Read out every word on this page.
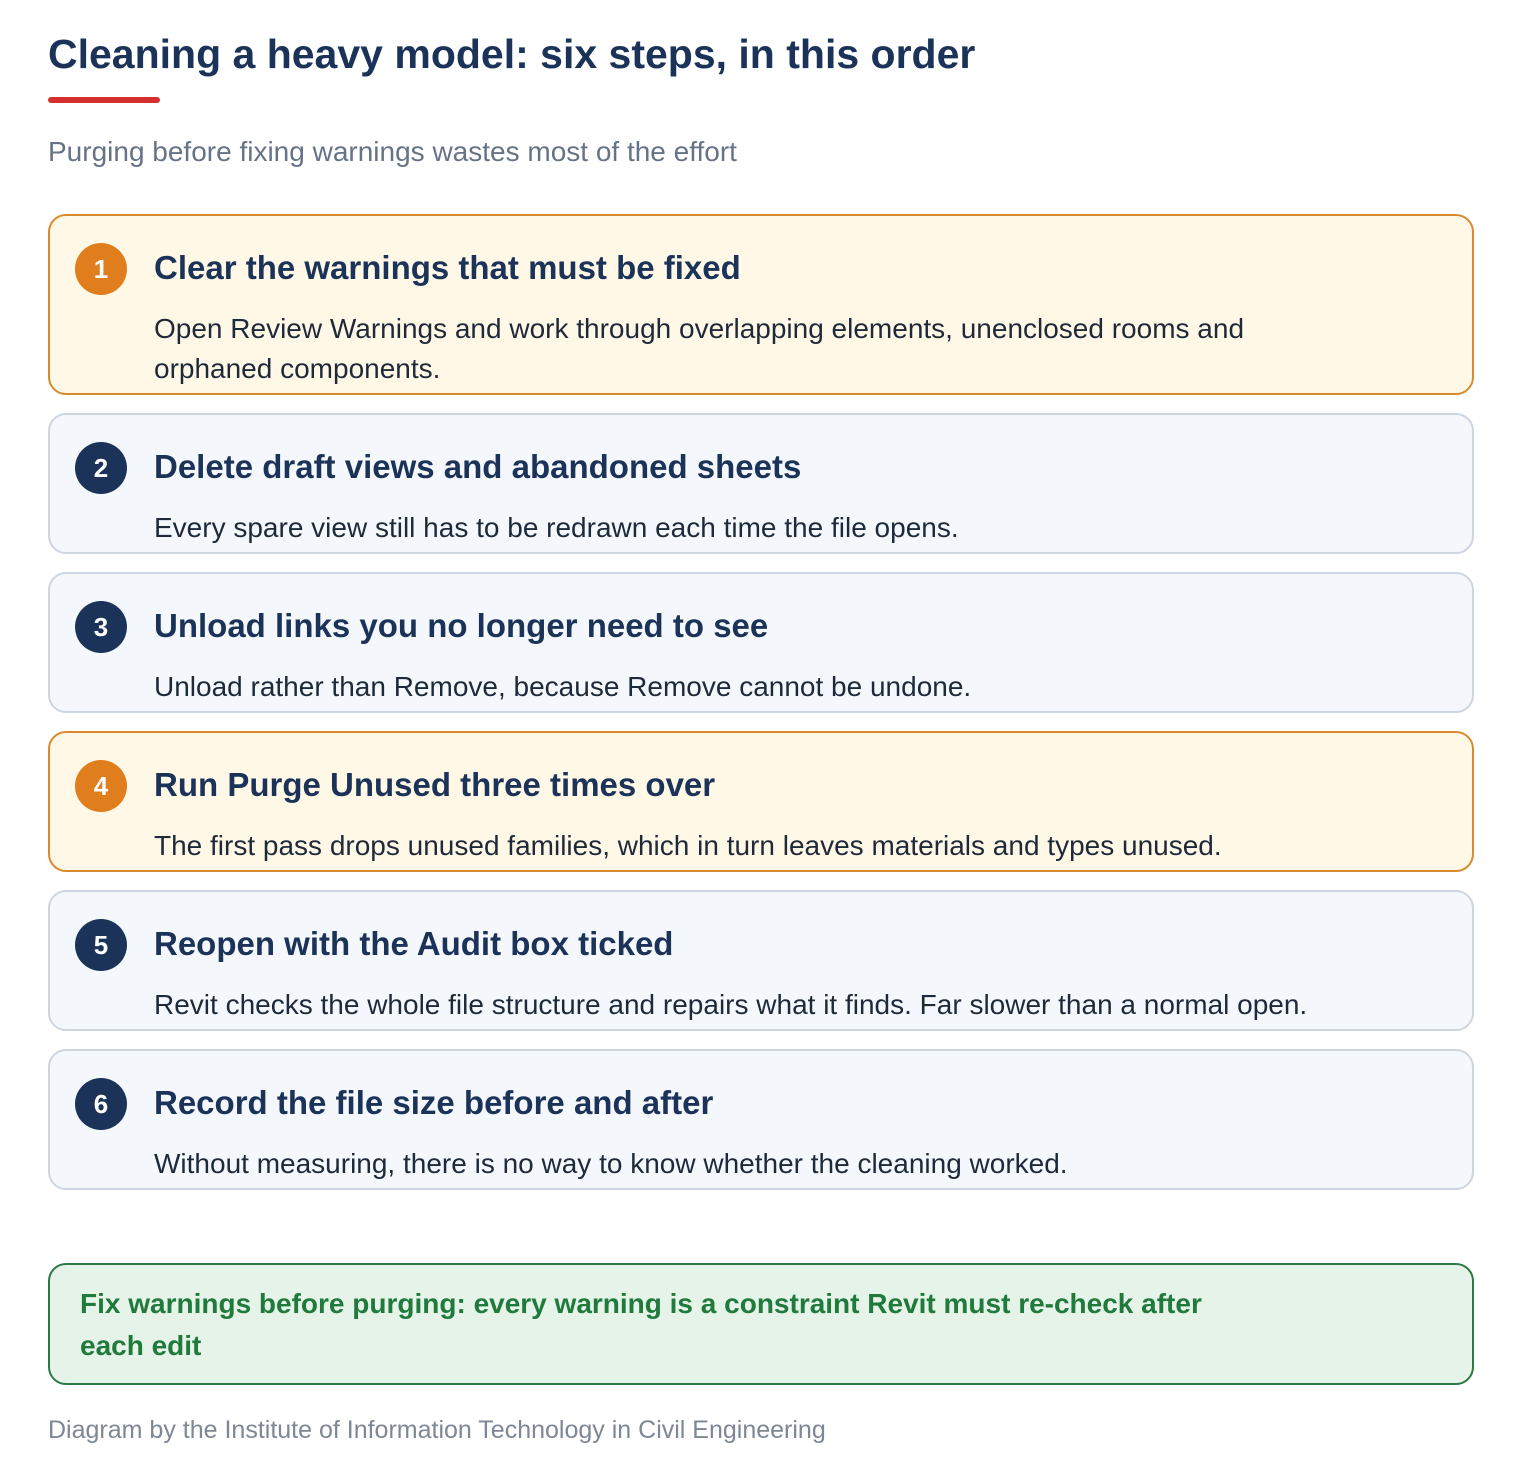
Cleaning a heavy model: six steps, in this order
Purging before fixing warnings wastes most of the effort
1	Clear the warnings that must be fixed
Open Review Warnings and work through overlapping elements, unenclosed rooms and orphaned components.
2	Delete draft views and abandoned sheets
Every spare view still has to be redrawn each time the file opens.
3	Unload links you no longer need to see
Unload rather than Remove, because Remove cannot be undone.
4	Run Purge Unused three times over
The first pass drops unused families, which in turn leaves materials and types unused.
5	Reopen with the Audit box ticked
Revit checks the whole file structure and repairs what it finds. Far slower than a normal open.
6	Record the file size before and after
Without measuring, there is no way to know whether the cleaning worked.
Fix warnings before purging: every warning is a constraint Revit must re-check after each edit
Diagram by the Institute of Information Technology in Civil Engineering
